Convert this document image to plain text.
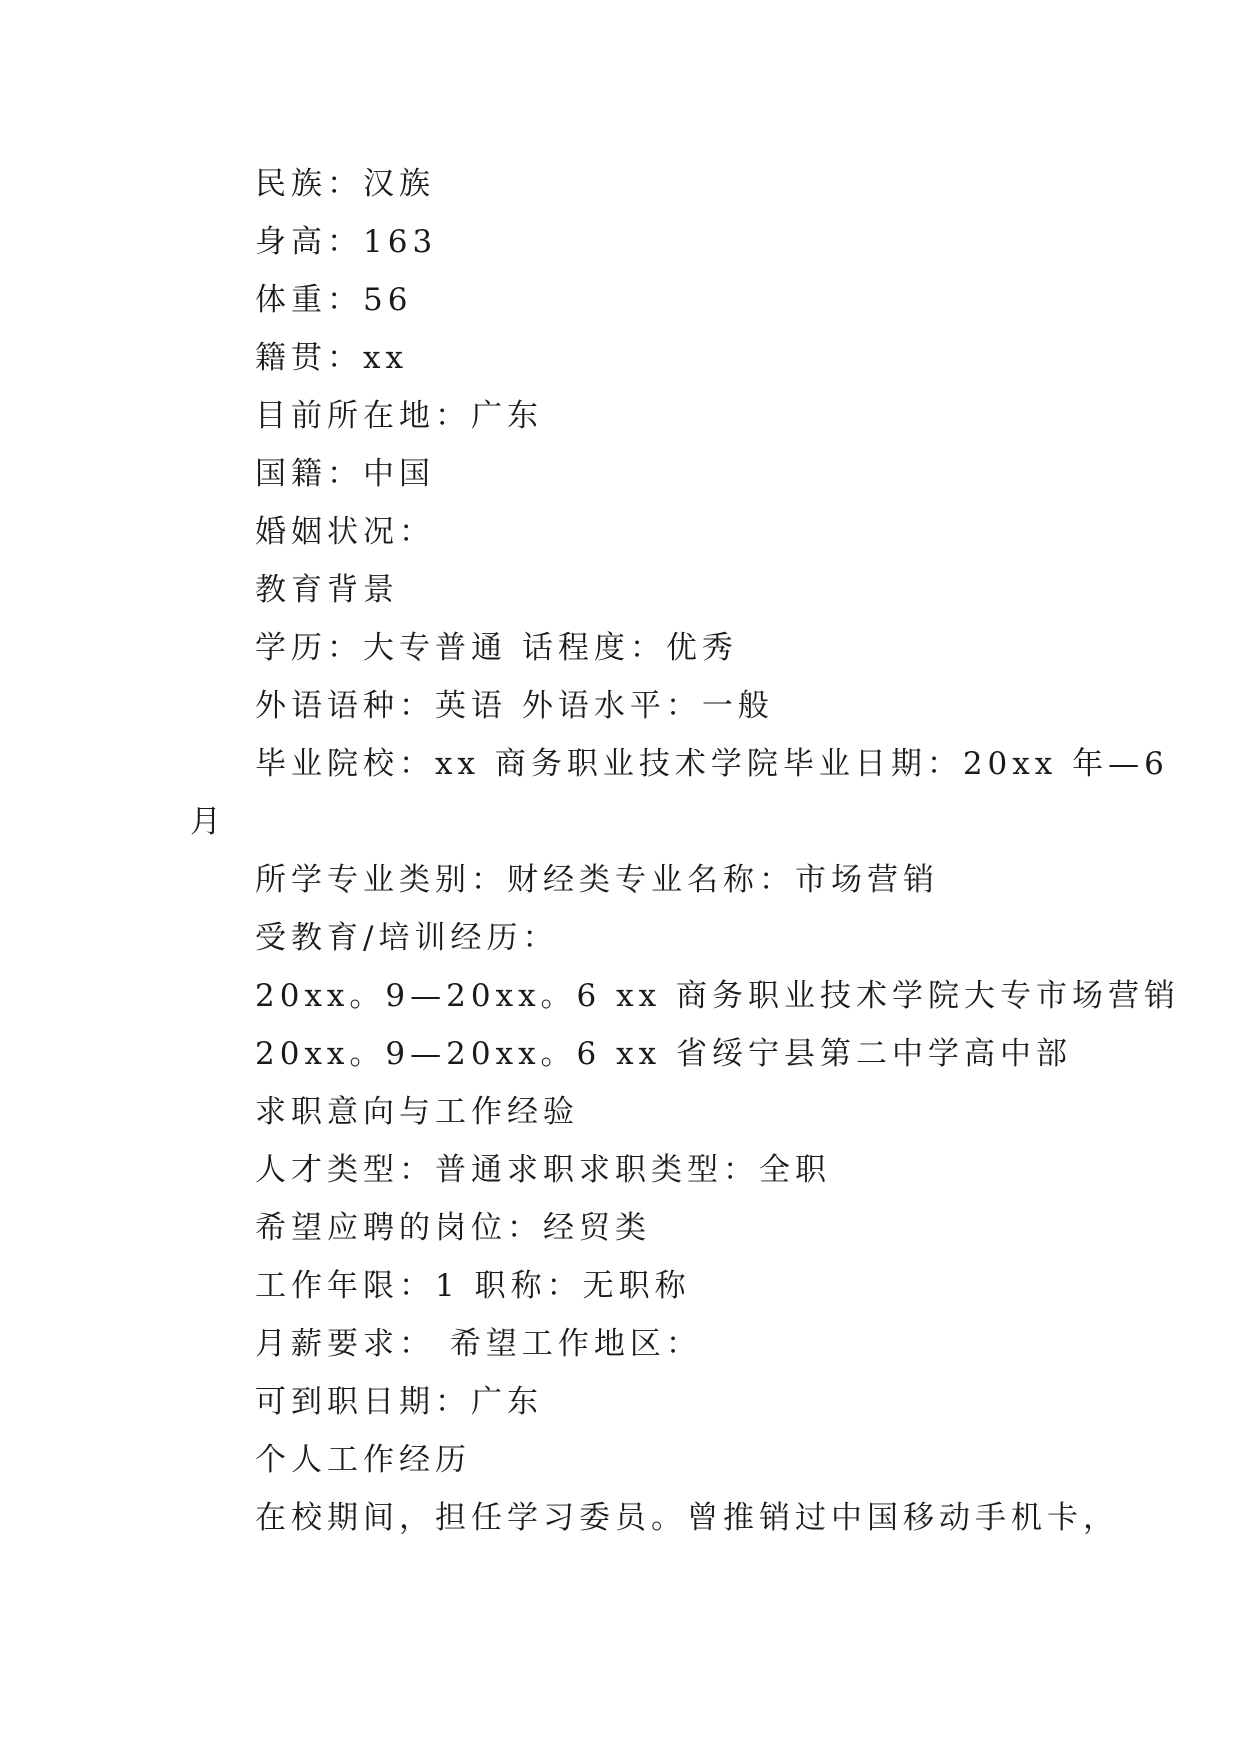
民族：汉族
身高：163
体重：56
籍贯：xx
目前所在地：广东
国籍：中国
婚姻状况：
教育背景
学历：大专普通 话程度：优秀
外语语种：英语 外语水平：一般
毕业院校：xx 商务职业技术学院毕业日期：20xx 年—6
月
所学专业类别：财经类专业名称：市场营销
受教育/培训经历：
20xx。9—20xx。6 xx 商务职业技术学院大专市场营销
20xx。9—20xx。6 xx 省绥宁县第二中学高中部
求职意向与工作经验
人才类型：普通求职求职类型：全职
希望应聘的岗位：经贸类
工作年限：1 职称：无职称
月薪要求： 希望工作地区：
可到职日期：广东
个人工作经历
在校期间，担任学习委员。曾推销过中国移动手机卡，
